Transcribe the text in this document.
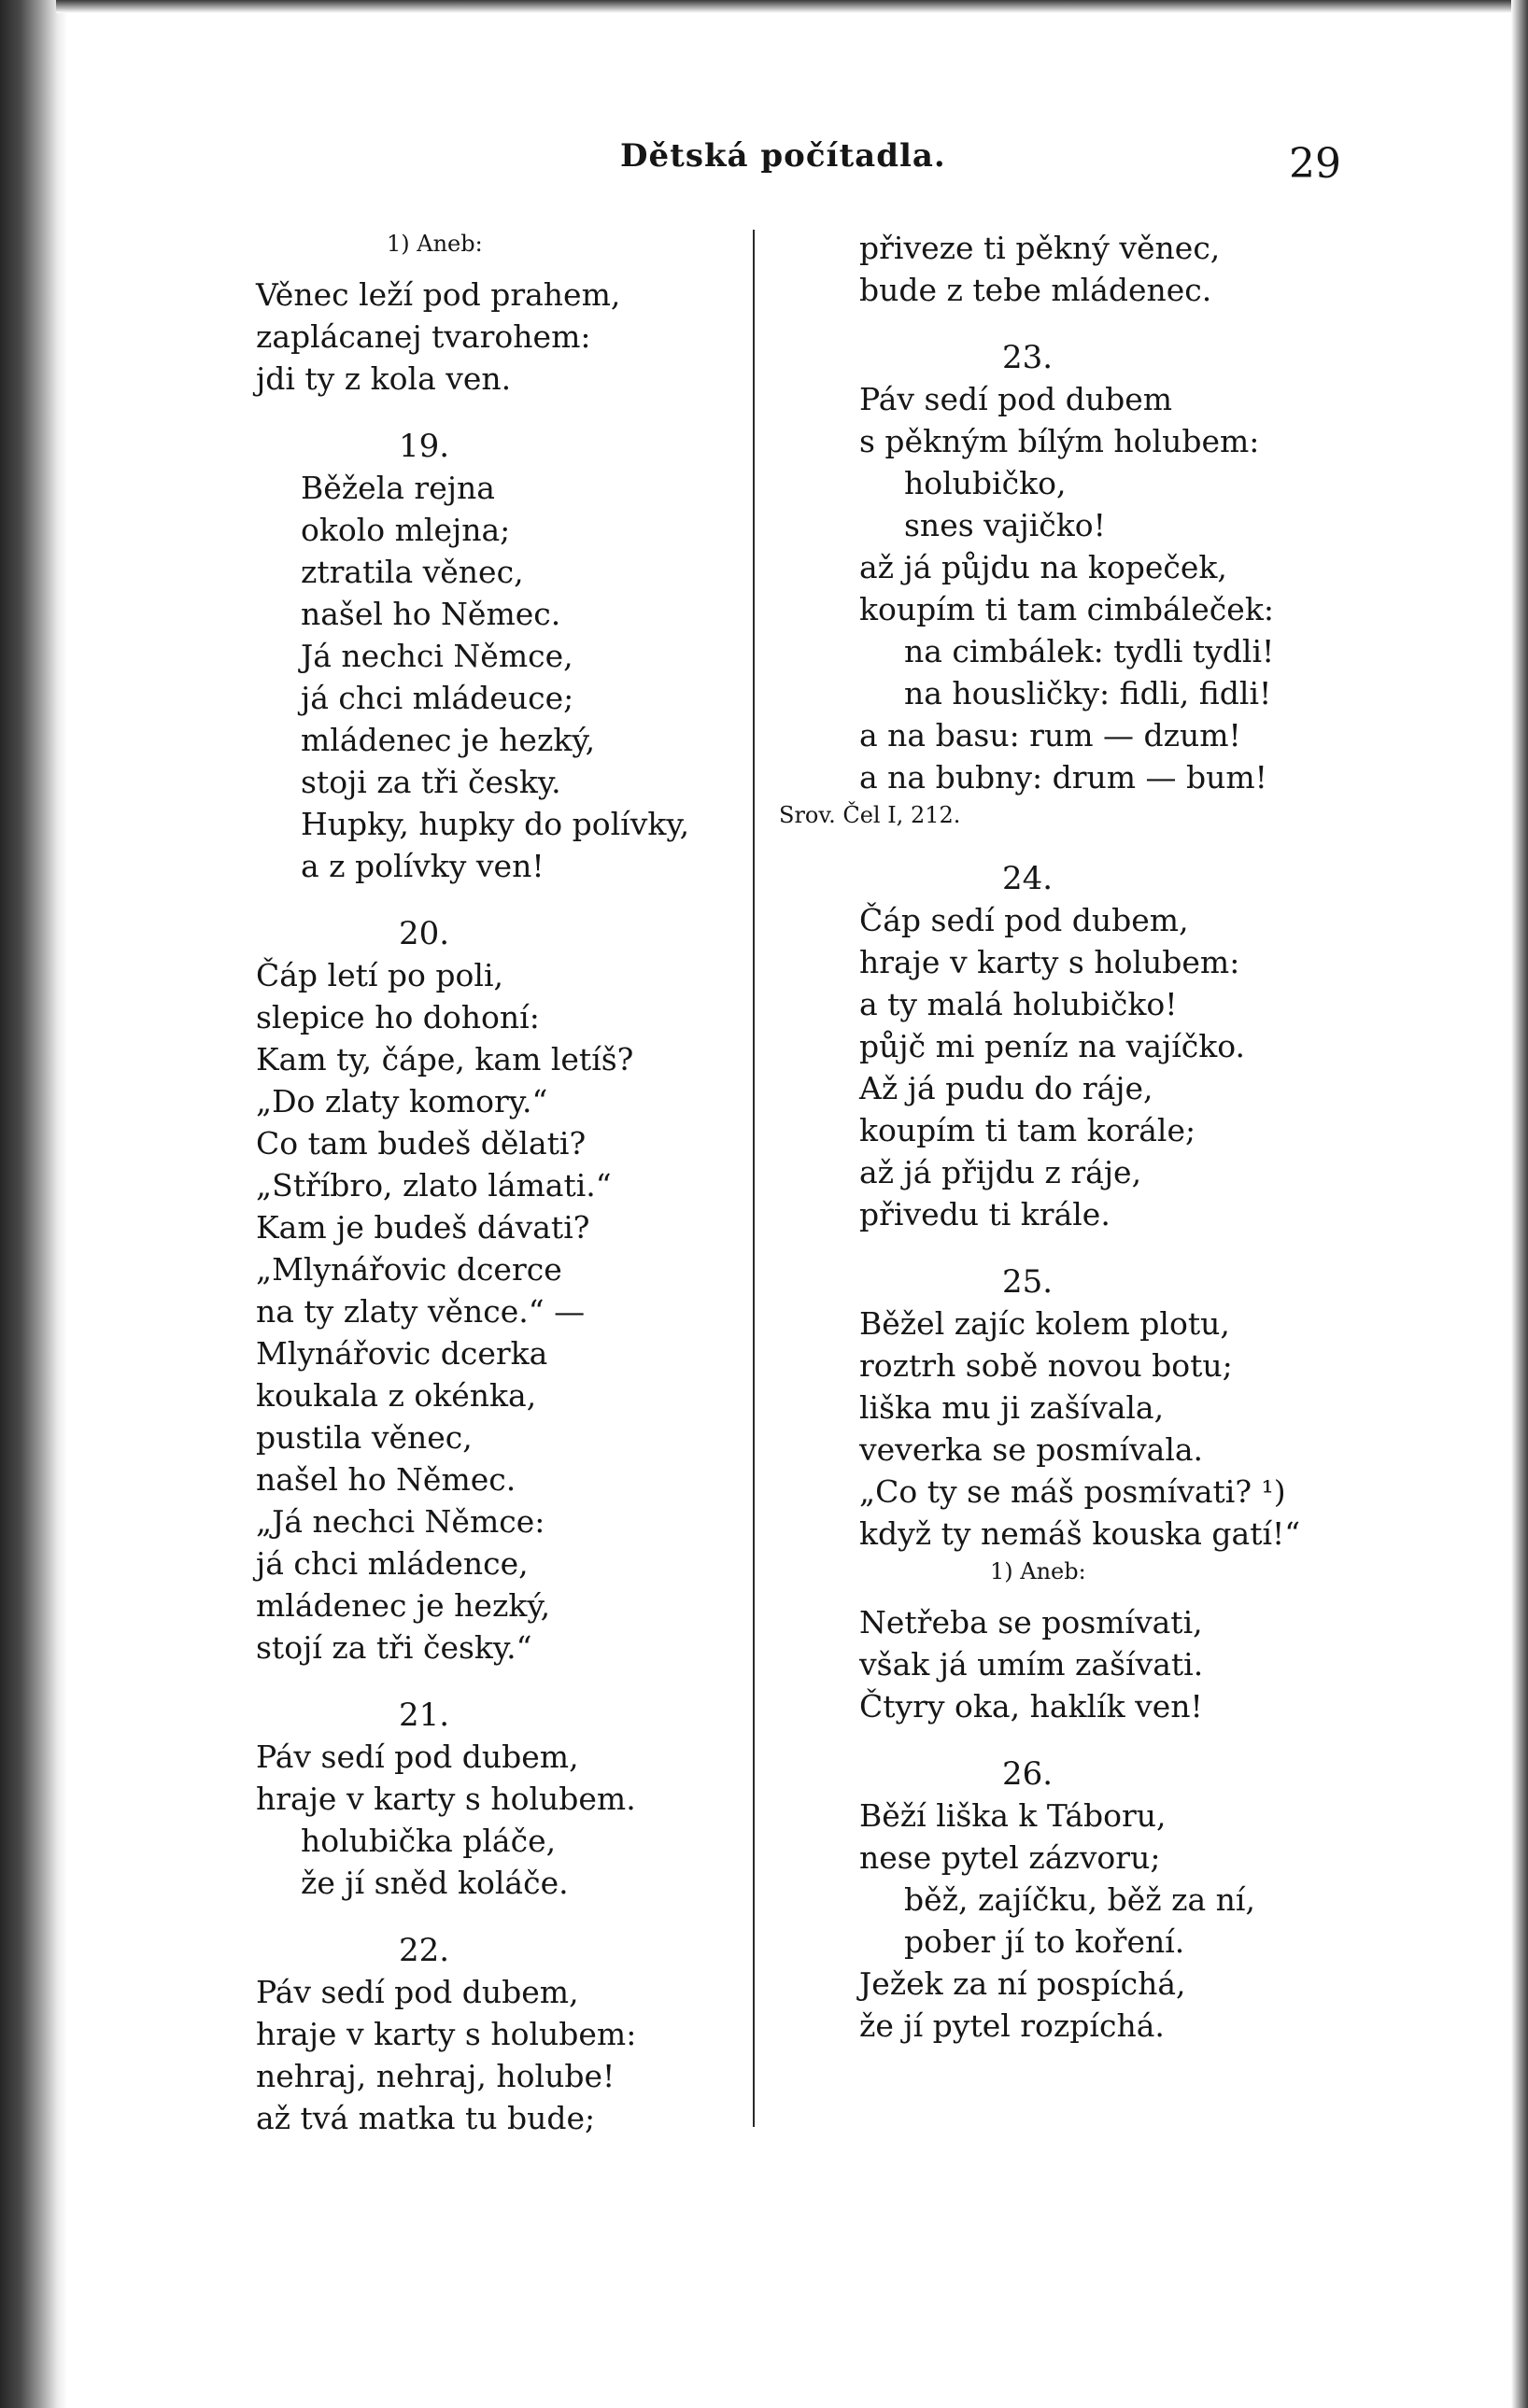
Dětská počítadla.	29
1) Aneb:
Věnec leží pod prahem,
zaplácanej tvarohem:
jdi ty z kola ven.
19.
Běžela rejna
okolo mlejna;
ztratila věnec,
našel ho Němec.
Já nechci Němce,
já chci mládeuce;
mládenec je hezký,
stoji za tři česky.
Hupky, hupky do polívky,
a z polívky ven!
20.
Čáp letí po poli,
slepice ho dohoní:
Kam ty, čápe, kam letíš?
„Do zlaty komory.“
Co tam budeš dělati?
„Stříbro, zlato lámati.“
Kam je budeš dávati?
„Mlynářovic dcerce
na ty zlaty věnce.“ —
Mlynářovic dcerka
koukala z okénka,
pustila věnec,
našel ho Němec.
„Já nechci Němce:
já chci mládence,
mládenec je hezký,
stojí za tři česky.“
21.
Páv sedí pod dubem,
hraje v karty s holubem.
holubička pláče,
že jí sněd koláče.
22.
Páv sedí pod dubem,
hraje v karty s holubem:
nehraj, nehraj, holube!
až tvá matka tu bude;
přiveze ti pěkný věnec,
bude z tebe mládenec.
23.
Páv sedí pod dubem
s pěkným bílým holubem:
holubičko,
snes vajičko!
až já půjdu na kopeček,
koupím ti tam cimbáleček:
na cimbálek: tydli tydli!
na housličky: fidli, fidli!
a na basu: rum — dzum!
a na bubny: drum — bum!
Srov. Čel I, 212.
24.
Čáp sedí pod dubem,
hraje v karty s holubem:
a ty malá holubičko!
půjč mi peníz na vajíčko.
Až já pudu do ráje,
koupím ti tam korále;
až já přijdu z ráje,
přivedu ti krále.
25.
Běžel zajíc kolem plotu,
roztrh sobě novou botu;
liška mu ji zašívala,
veverka se posmívala.
„Co ty se máš posmívati? ¹)
když ty nemáš kouska gatí!“
1) Aneb:
Netřeba se posmívati,
však já umím zašívati.
Čtyry oka, haklík ven!
26.
Běží liška k Táboru,
nese pytel zázvoru;
běž, zajíčku, běž za ní,
pober jí to koření.
Ježek za ní pospíchá,
že jí pytel rozpíchá.
